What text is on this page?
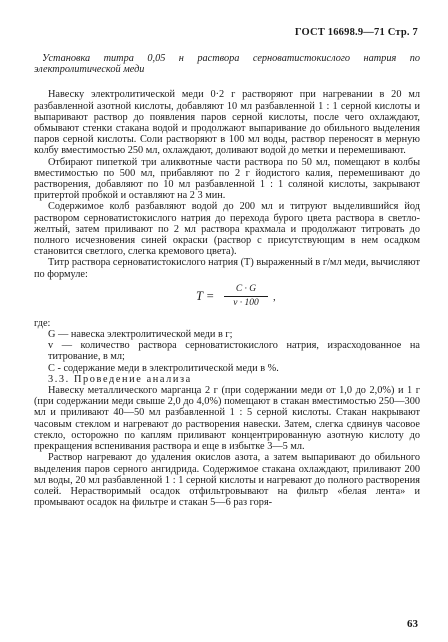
ГОСТ 16698.9—71 Стр. 7

Установка титра 0,05 н раствора серноватистокислого натрия по электролитической меди

Навеску электролитической меди 0·2 г растворяют при нагревании в 20 мл разбавленной азотной кислоты, добавляют 10 мл разбавленной 1 : 1 серной кислоты и выпаривают раствор до появления паров серной кислоты, после чего охлаждают, обмывают стенки стакана водой и продолжают выпаривание до обильного выделения паров серной кислоты. Соли растворяют в 100 мл воды, раствор переносят в мерную колбу вместимостью 250 мл, охлаждают, доливают водой до метки и перемешивают.

Отбирают пипеткой три аликвотные части раствора по 50 мл, помещают в колбы вместимостью по 500 мл, прибавляют по 2 г йодистого калия, перемешивают до растворения, добавляют по 10 мл разбавленной 1 : 1 соляной кислоты, закрывают притертой пробкой и оставляют на 2 3 мин.

Содержимое колб разбавляют водой до 200 мл и титруют выделившийся йод раствором серноватистокислого натрия до перехода бурого цвета раствора в светло-желтый, затем приливают по 2 мл раствора крахмала и продолжают титровать до полного исчезновения синей окраски (раствор с присутствующим в нем осадком становится светлого, слегка кремового цвета).

Титр раствора серноватистокислого натрия (T) выраженный в г/мл меди, вычисляют по формуле:

$T = \frac{C \cdot G}{v \cdot 100}$ ,

где:

G — навеска электролитической меди в г;

v — количество раствора серноватистокислого натрия, израсходованное на титрование, в мл;

C - содержание меди в электролитической меди в %.

3.3. Проведение анализа

Навеску металлического марганца 2 г (при содержании меди от 1,0 до 2,0%) и 1 г (при содержании меди свыше 2,0 до 4,0%) помещают в стакан вместимостью 250—300 мл и приливают 40—50 мл разбавленной 1 : 5 серной кислоты. Стакан накрывают часовым стеклом и нагревают до растворения навески. Затем, слегка сдвинув часовое стекло, осторожно по каплям приливают концентрированную азотную кислоту до прекращения вспенивания раствора и еще в избытке 3—5 мл.

Раствор нагревают до удаления окислов азота, а затем выпаривают до обильного выделения паров серного ангидрида. Содержимое стакана охлаждают, приливают 200 мл воды, 20 мл разбавленной 1 : 1 серной кислоты и нагревают до полного растворения солей. Нерастворимый осадок отфильтровывают на фильтр «белая лента» и промывают осадок на фильтре и стакан 5—6 раз горя-

63
